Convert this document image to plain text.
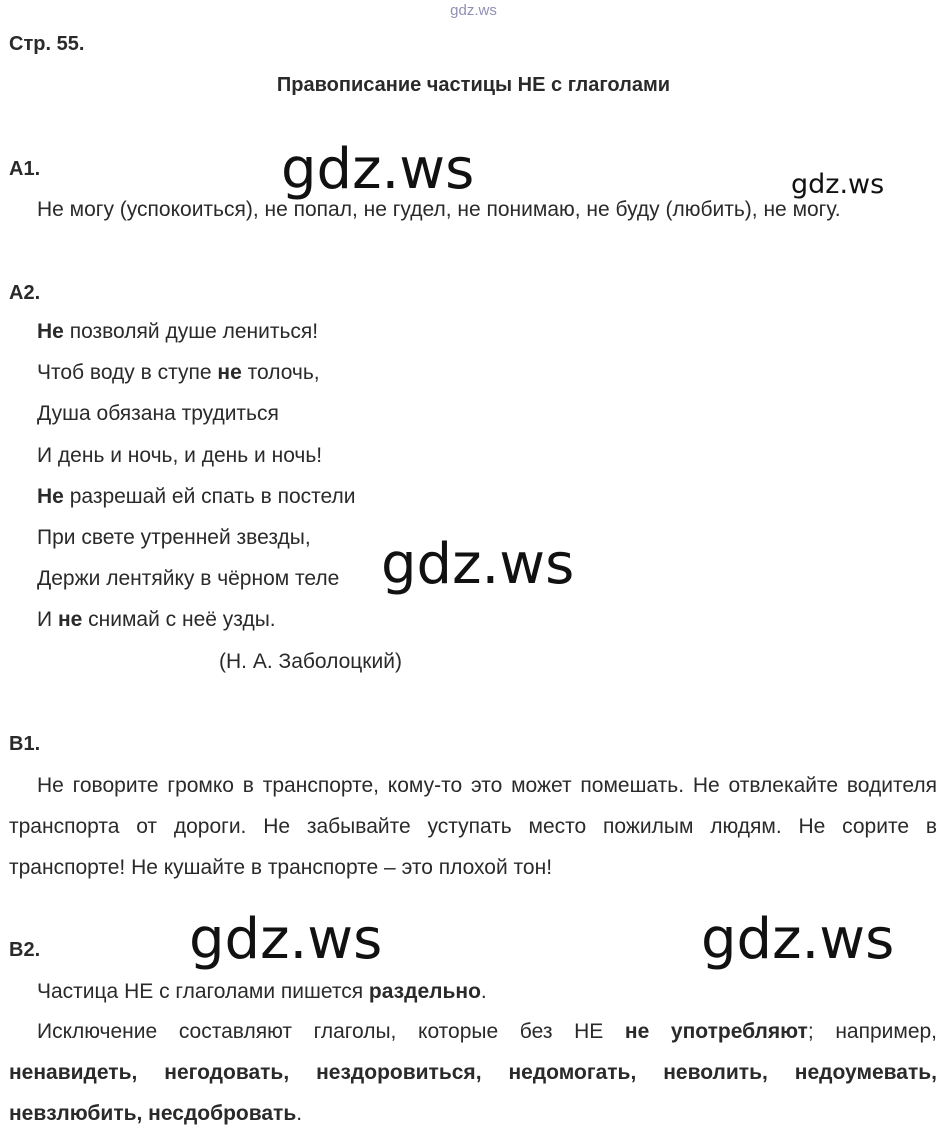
gdz.ws
Стр. 55.
Правописание частицы НЕ с глаголами
А1.
Не могу (успокоиться), не попал, не гудел, не понимаю, не буду (любить), не могу.
А2.
Не позволяй душе лениться!
Чтоб воду в ступе не толочь,
Душа обязана трудиться
И день и ночь, и день и ночь!
Не разрешай ей спать в постели
При свете утренней звезды,
Держи лентяйку в чёрном теле
И не снимай с неё узды.
(Н. А. Заболоцкий)
В1.
Не говорите громко в транспорте, кому-то это может помешать. Не отвлекайте водителя транспорта от дороги. Не забывайте уступать место пожилым людям. Не сорите в транспорте! Не кушайте в транспорте – это плохой тон!
В2.
Частица НЕ с глаголами пишется раздельно.
Исключение составляют глаголы, которые без НЕ не употребляют; например, ненавидеть, негодовать, нездоровиться, недомогать, неволить, недоумевать, невзлюбить, несдобровать.
gdz.ws	gdz.ws
gdz.ws
gdz.ws	gdz.ws
